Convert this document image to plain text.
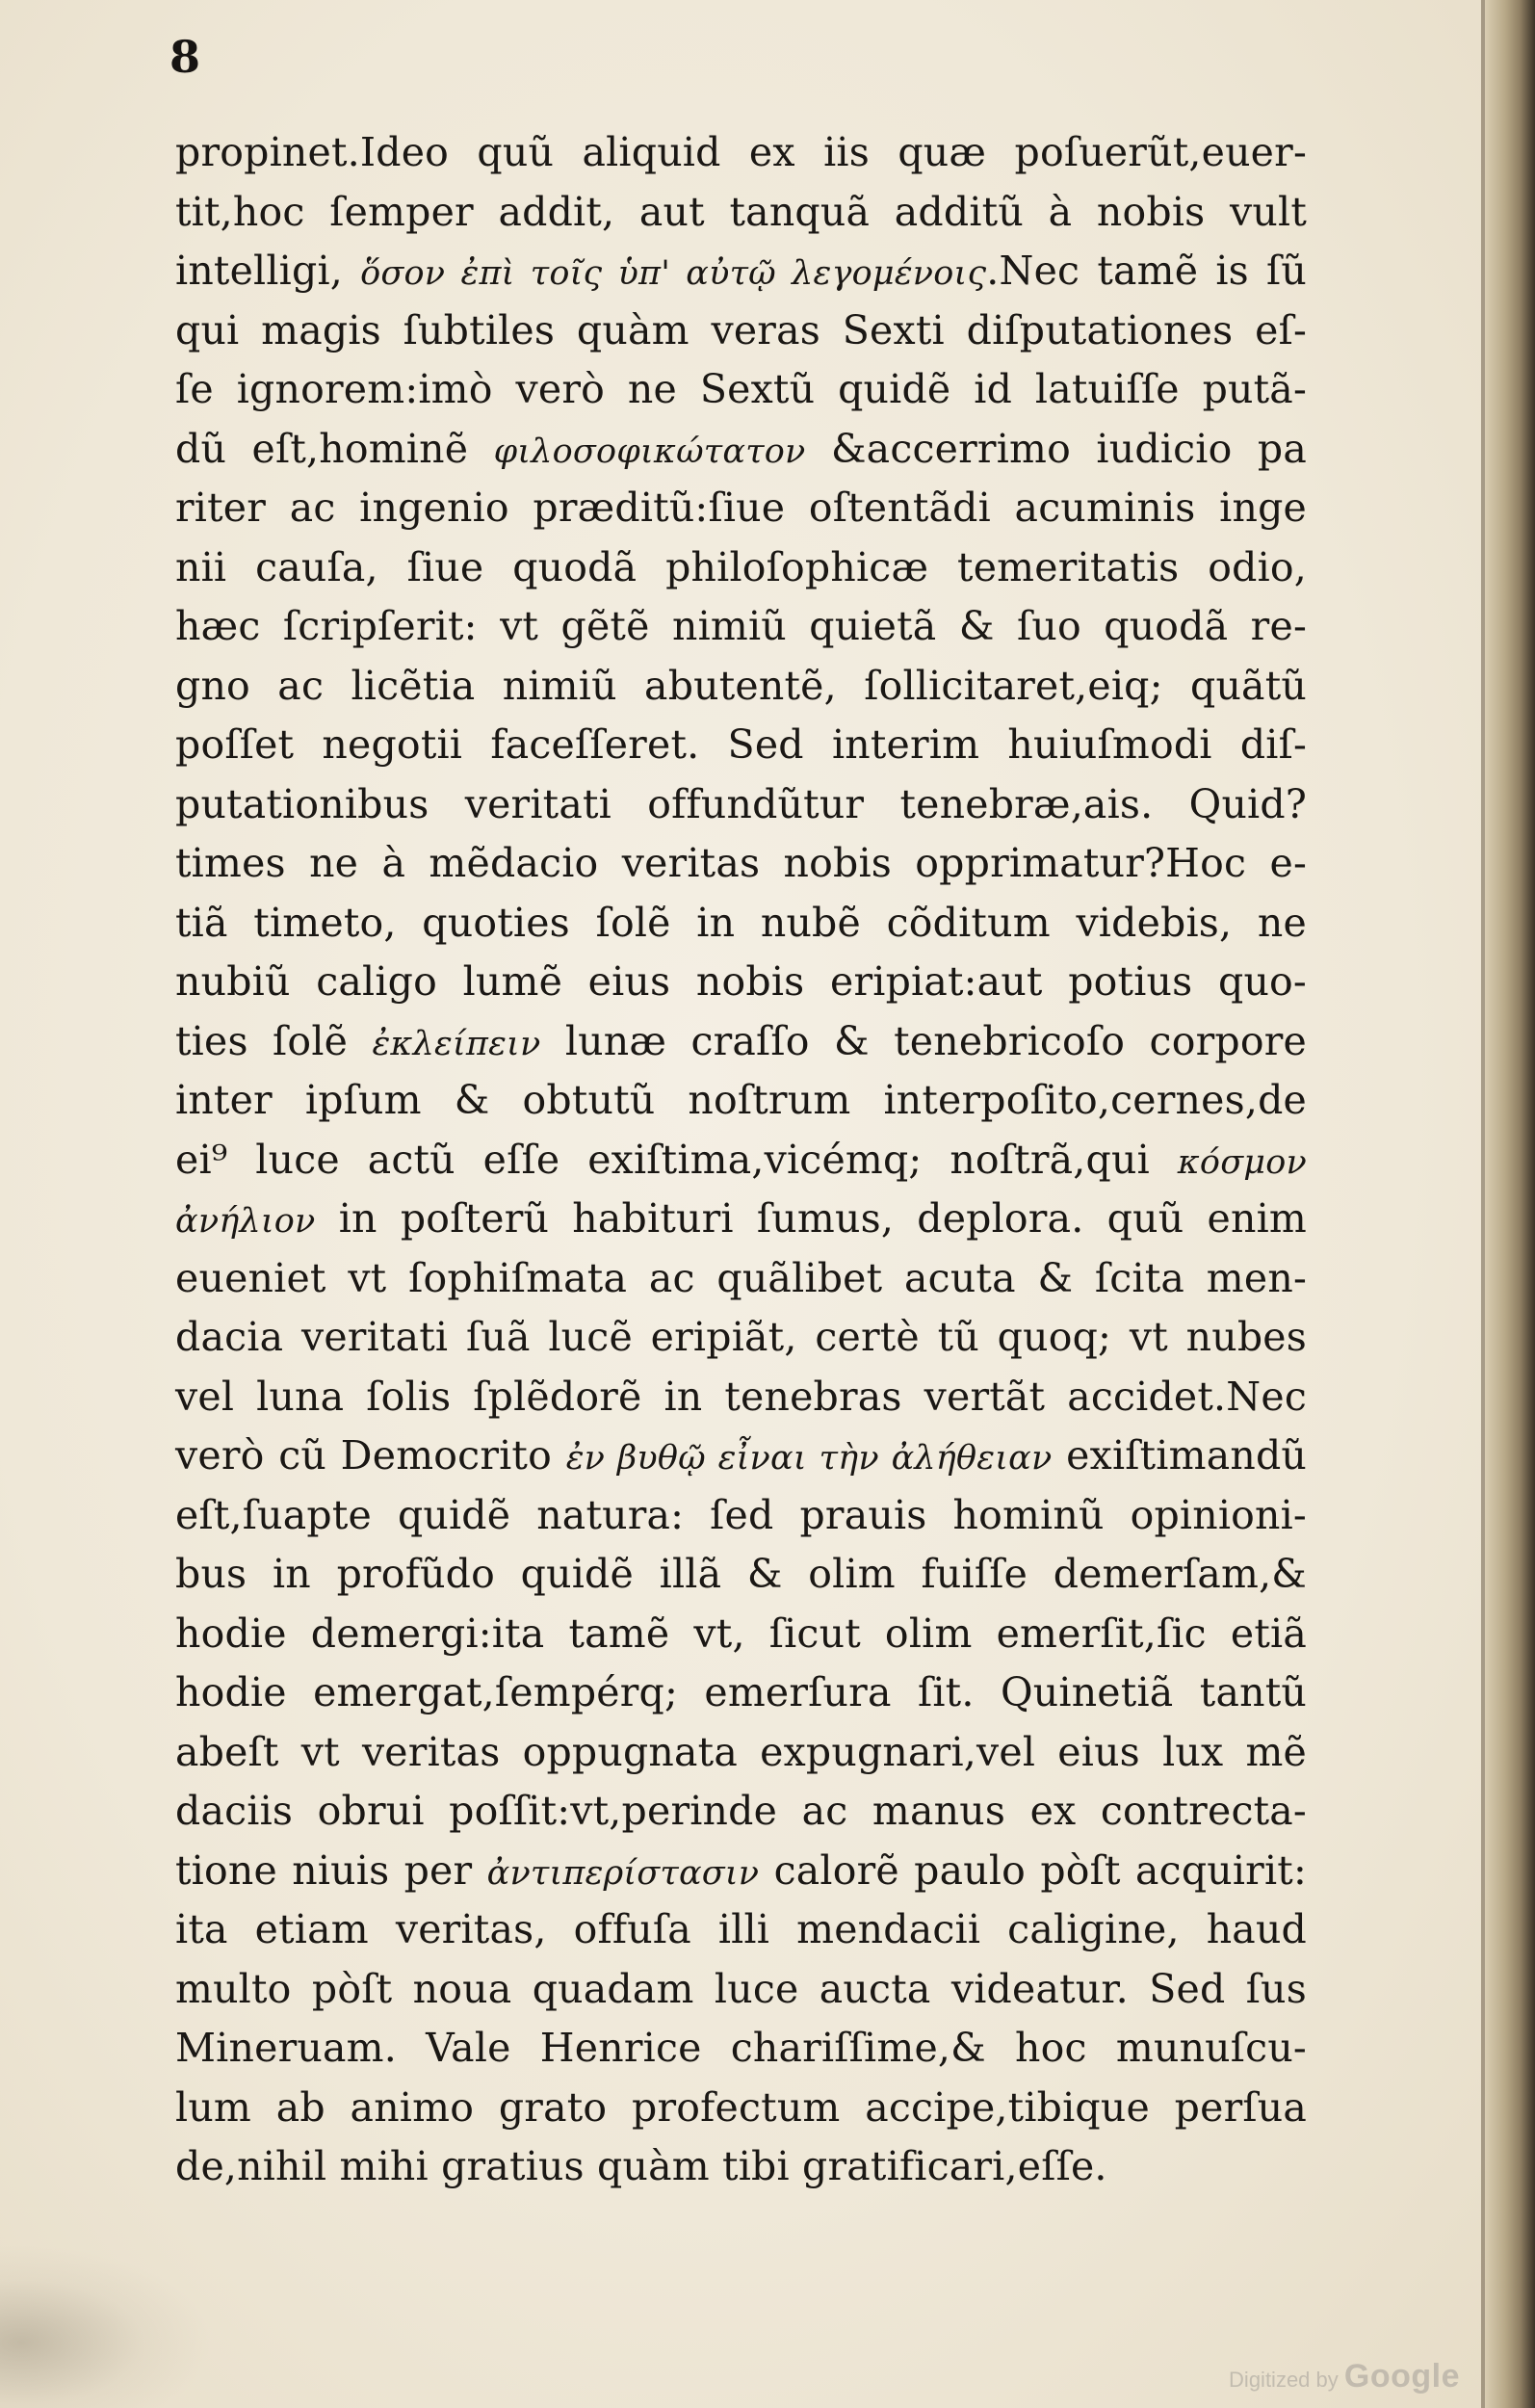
8
propinet.Ideo quũ aliquid ex iis quæ poſuerũt,euer-
tit,hoc ſemper addit, aut tanquã additũ à nobis vult
intelligi, ὅσον ἐπὶ τοῖς ὑπ' αὐτῷ λεγομένοις.Nec tamẽ is ſũ
qui magis ſubtiles quàm veras Sexti diſputationes eſ-
ſe ignorem:imò verò ne Sextũ quidẽ id latuiſſe putã-
dũ eſt,hominẽ φιλοσοφικώτατον &accerrimo iudicio pa
riter ac ingenio præditũ:ſiue oſtentãdi acuminis inge
nii cauſa, ſiue quodã philoſophicæ temeritatis odio,
hæc ſcripſerit: vt gẽtẽ nimiũ quietã & ſuo quodã re-
gno ac licẽtia nimiũ abutentẽ, ſollicitaret,eiq; quãtũ
poſſet negotii faceſſeret. Sed interim huiuſmodi diſ-
putationibus veritati offundũtur tenebræ,ais. Quid?
times ne à mẽdacio veritas nobis opprimatur?Hoc e-
tiã timeto, quoties ſolẽ in nubẽ cõditum videbis, ne
nubiũ caligo lumẽ eius nobis eripiat:aut potius quo-
ties ſolẽ ἐκλείπειν lunæ craſſo & tenebricoſo corpore
inter ipſum & obtutũ noſtrum interpoſito,cernes,de
ei⁹ luce actũ eſſe exiſtima,vicémq; noſtrã,qui κόσμον
ἀνήλιον in poſterũ habituri ſumus, deplora. quũ enim
eueniet vt ſophiſmata ac quãlibet acuta & ſcita men-
dacia veritati ſuã lucẽ eripiãt, certè tũ quoq; vt nubes
vel luna ſolis ſplẽdorẽ in tenebras vertãt accidet.Nec
verò cũ Democrito ἐν βυθῷ εἶναι τὴν ἀλήθειαν exiſtimandũ
eſt,ſuapte quidẽ natura: ſed prauis hominũ opinioni-
bus in profũdo quidẽ illã & olim fuiſſe demerſam,&
hodie demergi:ita tamẽ vt, ſicut olim emerſit,ſic etiã
hodie emergat,ſempérq; emerſura ſit. Quinetiã tantũ
abeſt vt veritas oppugnata expugnari,vel eius lux mẽ
daciis obrui poſſit:vt,perinde ac manus ex contrecta-
tione niuis per ἀντιπερίστασιν calorẽ paulo pòſt acquirit:
ita etiam veritas, offuſa illi mendacii caligine, haud
multo pòſt noua quadam luce aucta videatur. Sed ſus
Mineruam. Vale Henrice chariſſime,& hoc munuſcu-
lum ab animo grato profectum accipe,tibique perſua
de,nihil mihi gratius quàm tibi gratificari,eſſe.
Digitized by Google
